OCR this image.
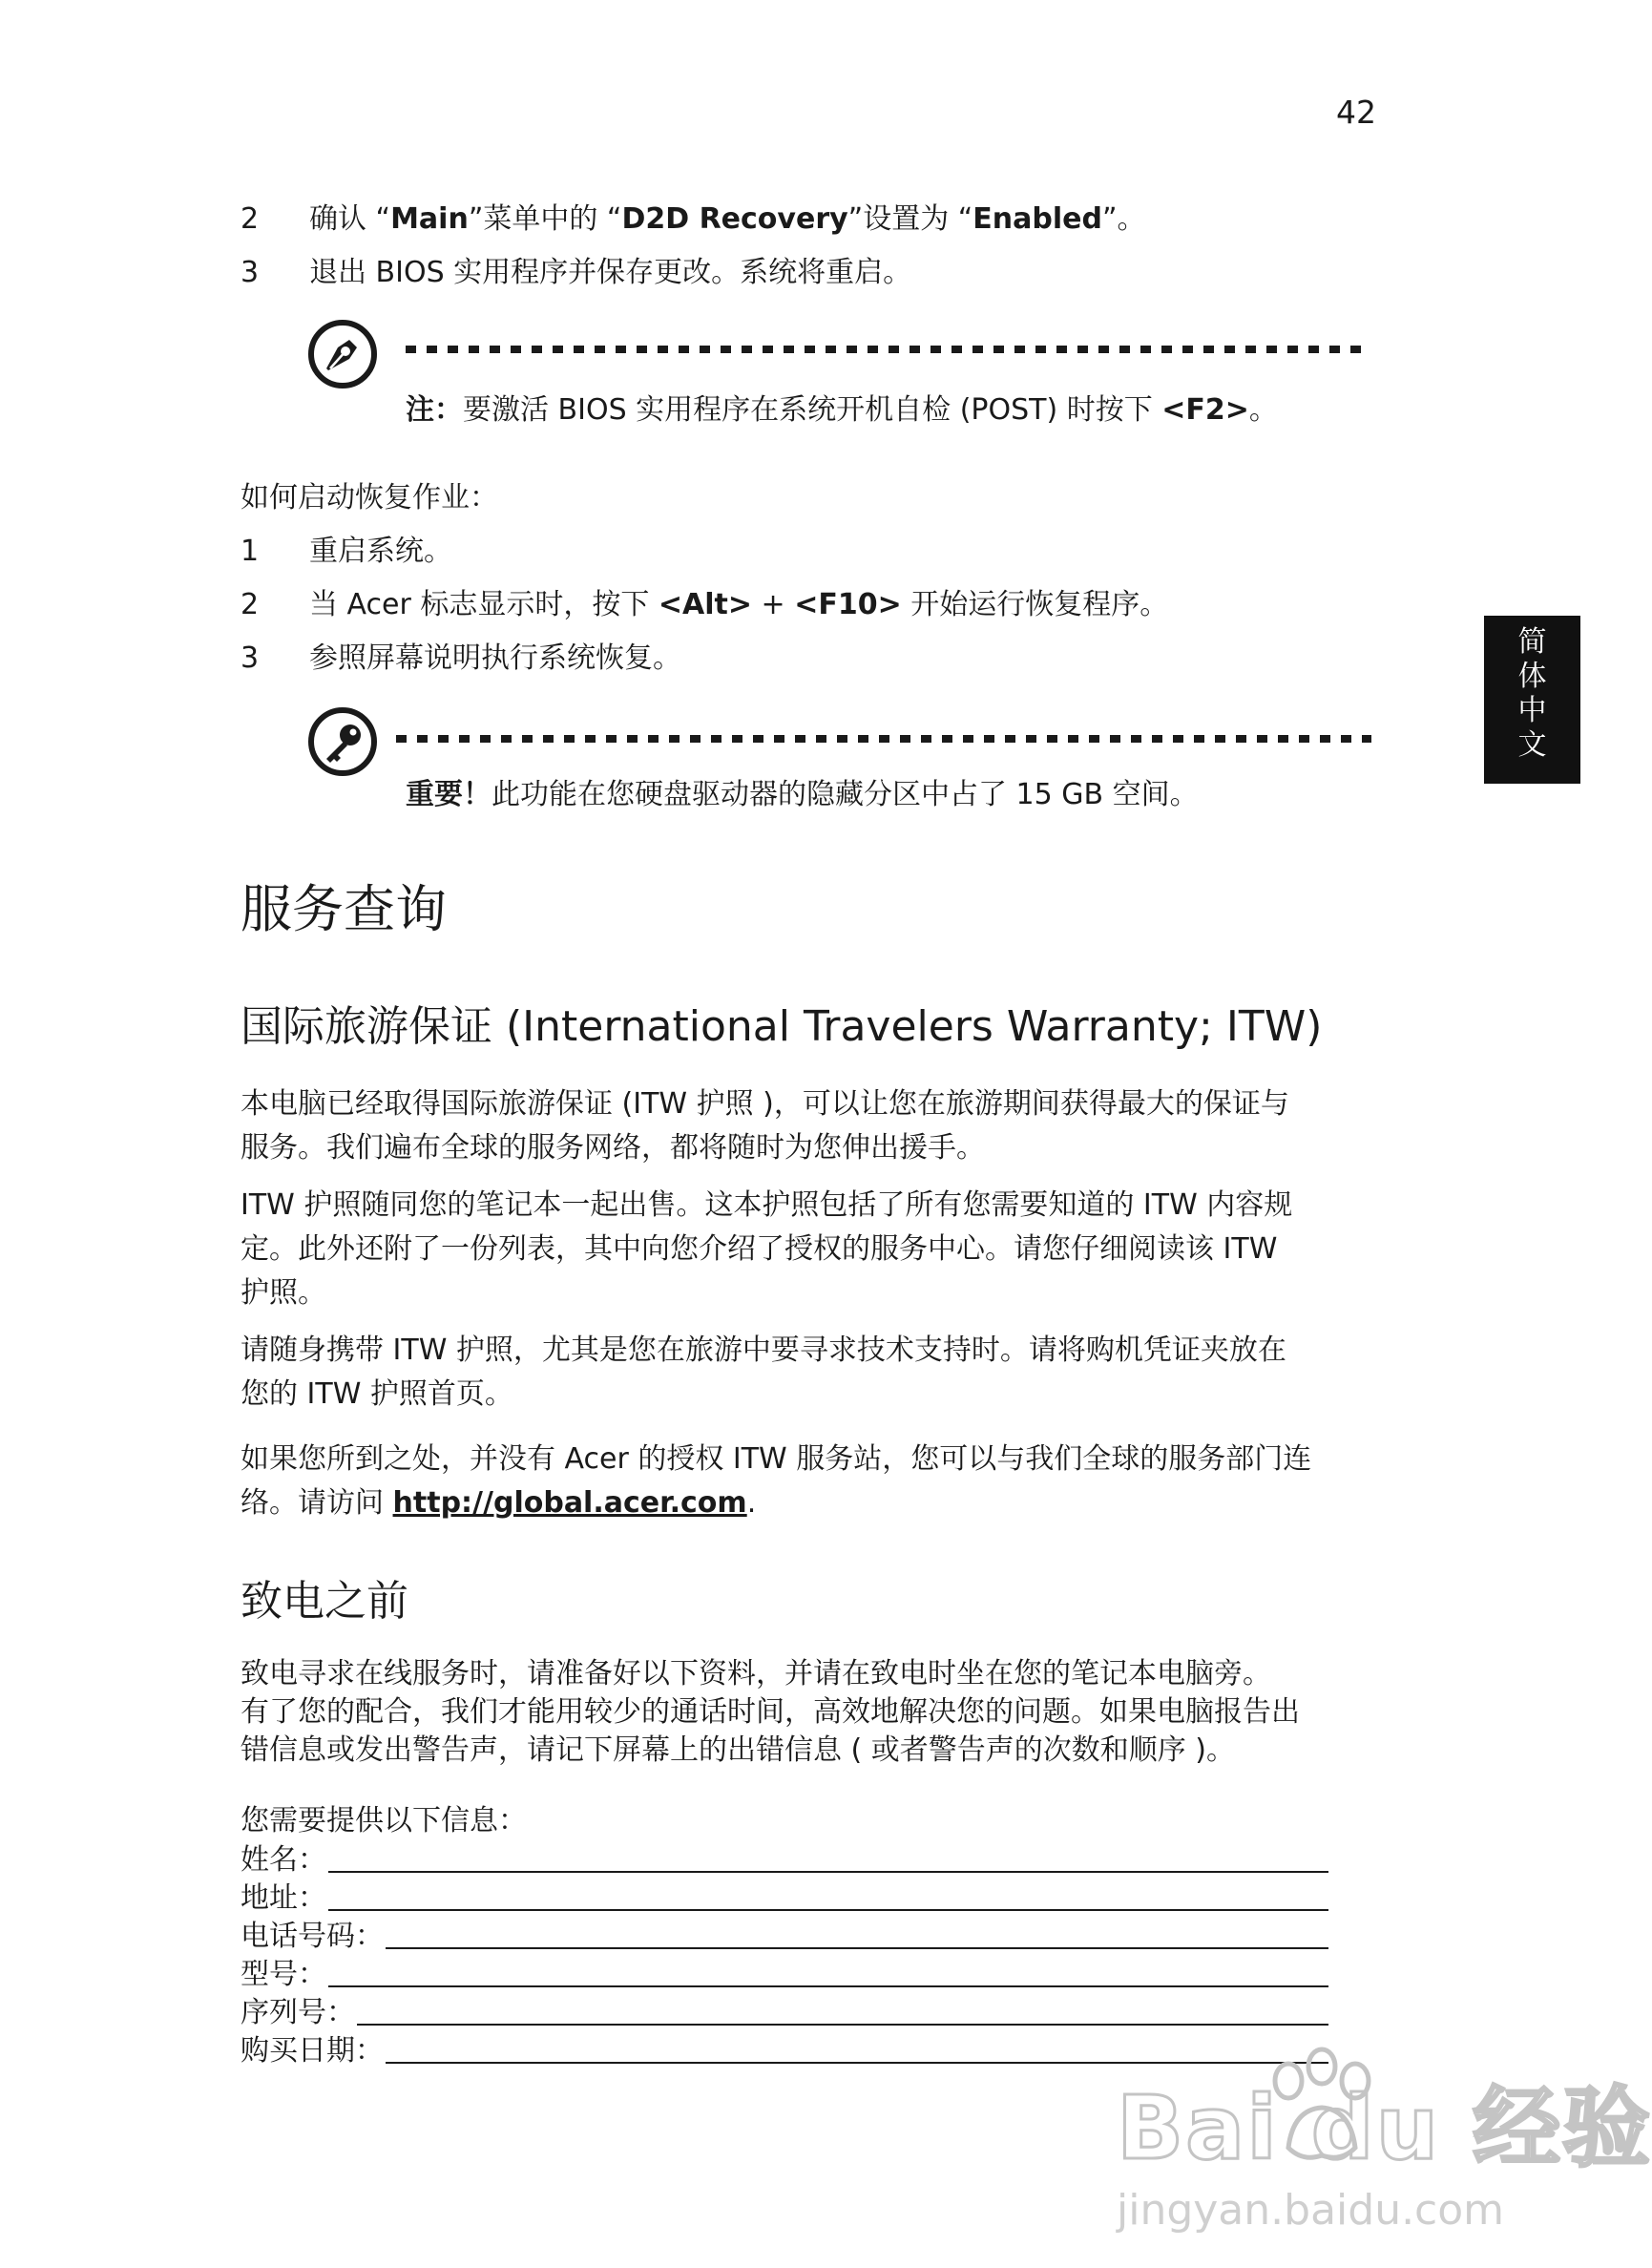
42
2 确认 “Main”菜单中的 “D2D Recovery”设置为 “Enabled”。
3 退出 BIOS 实用程序并保存更改。系统将重启。
注：要激活 BIOS 实用程序在系统开机自检 (POST) 时按下 <F2>。
如何启动恢复作业：
1 重启系统。
2 当 Acer 标志显示时，按下 <Alt> + <F10> 开始运行恢复程序。
3 参照屏幕说明执行系统恢复。
重要！此功能在您硬盘驱动器的隐藏分区中占了 15 GB 空间。
简
体
中
文
服务查询
国际旅游保证 (International Travelers Warranty; ITW)
本电脑已经取得国际旅游保证 (ITW 护照 )，可以让您在旅游期间获得最大的保证与
服务。我们遍布全球的服务网络，都将随时为您伸出援手。
ITW 护照随同您的笔记本一起出售。这本护照包括了所有您需要知道的 ITW 内容规
定。此外还附了一份列表，其中向您介绍了授权的服务中心。请您仔细阅读该 ITW
护照。
请随身携带 ITW 护照，尤其是您在旅游中要寻求技术支持时。请将购机凭证夹放在
您的 ITW 护照首页。
如果您所到之处，并没有 Acer 的授权 ITW 服务站，您可以与我们全球的服务部门连
络。请访问 http://global.acer.com.
致电之前
致电寻求在线服务时，请准备好以下资料，并请在致电时坐在您的笔记本电脑旁。
有了您的配合，我们才能用较少的通话时间，高效地解决您的问题。如果电脑报告出
错信息或发出警告声，请记下屏幕上的出错信息 ( 或者警告声的次数和顺序 )。
您需要提供以下信息：
姓名：
地址：
电话号码：
型号：
序列号：
购买日期：
Bai du 经验
jingyan.baidu.com
